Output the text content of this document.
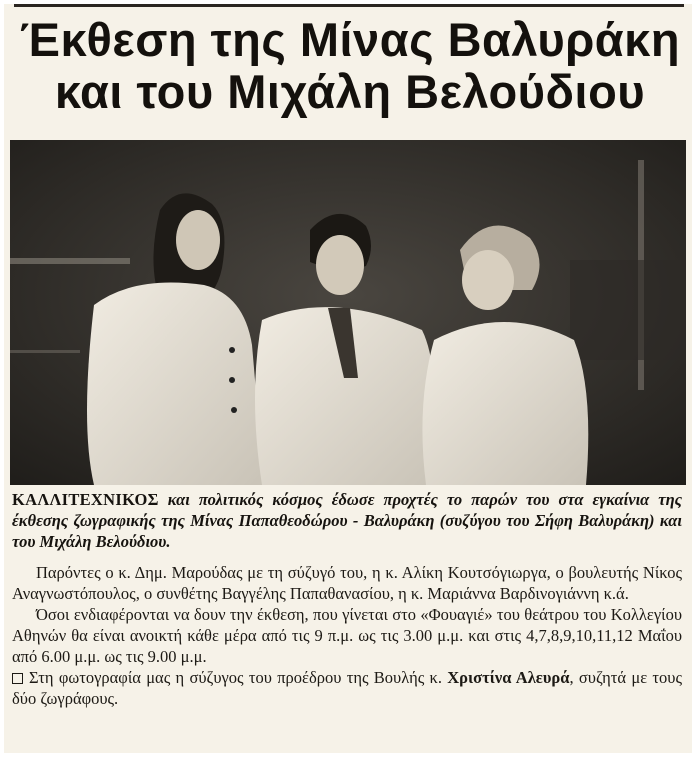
Έκθεση της Μίνας Βαλυράκη
και του Μιχάλη Βελούδιου
ΚΑΛΛΙΤΕΧΝΙΚΟΣ και πολιτικός κόσμος έδωσε προχτές το παρών του στα εγκαίνια της έκθεσης ζωγραφικής της Μίνας Παπαθεοδώρου - Βαλυράκη (συζύγου του Σήφη Βαλυράκη) και του Μιχάλη Βελούδιου.

Παρόντες ο κ. Δημ. Μαρούδας με τη σύζυγό του, η κ. Αλίκη Κουτσόγιωργα, ο βουλευτής Νίκος Αναγνωστόπουλος, ο συνθέτης Βαγγέλης Παπαθανασίου, η κ. Μαριάννα Βαρδινογιάννη κ.ά.

Όσοι ενδιαφέρονται να δουν την έκθεση, που γίνεται στο «Φουαγιέ» του θεάτρου του Κολλεγίου Αθηνών θα είναι ανοικτή κάθε μέρα από τις 9 π.μ. ως τις 3.00 μ.μ. και στις 4,7,8,9,10,11,12 Μαΐου από 6.00 μ.μ. ως τις 9.00 μ.μ.

Στη φωτογραφία μας η σύζυγος του προέδρου της Βουλής κ. Χριστίνα Αλευρά, συζητά με τους δύο ζωγράφους.
